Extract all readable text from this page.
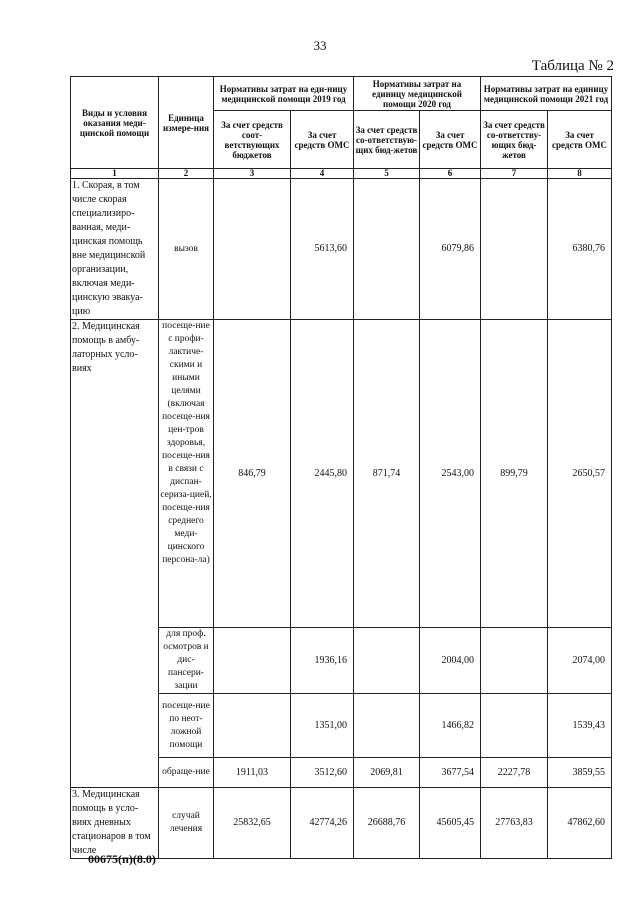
33
Таблица № 2
Виды и условия оказания меди-цинской помощи	Единица измере-ния	Нормативы затрат на еди-ницу медицинской помощи 2019 год		Нормативы затрат на единицу медицинской помощи 2020 год		Нормативы затрат на единицу медицинской помощи 2021 год	
		За счет средств соот-ветствующих бюджетов	За счет средств ОМС	За счет средств со-ответствую-щих бюд-жетов	За счет средств ОМС	За счет средств со-ответству-ющих бюд-жетов	За счет средств ОМС
1	2	3	4	5	6	7	8
1. Скорая, в том числе скорая специализиро-ванная, меди-цинская помощь вне медицинской организации, включая меди-цинскую эвакуа-цию	вызов		5613,60		6079,86		6380,76
2. Медицинская помощь в амбу-латорных усло-виях	посеще-ние с профи-лактиче-скими и иными целями (включая посеще-ния цен-тров здоровья, посеще-ния в связи с диспан-сериза-цией, посеще-ния среднего меди-цинского персона-ла)	846,79	2445,80	871,74	2543,00	899,79	2650,57
	для проф. осмотров и дис-пансери-зации		1936,16		2004,00		2074,00
	посеще-ние по неот-ложной помощи		1351,00		1466,82		1539,43
	обраще-ние	1911,03	3512,60	2069,81	3677,54	2227,78	3859,55
3. Медицинская помощь в усло-виях дневных стационаров в том числе	случай лечения	25832,65	42774,26	26688,76	45605,45	27763,83	47862,60
00675(п)(8.0)
